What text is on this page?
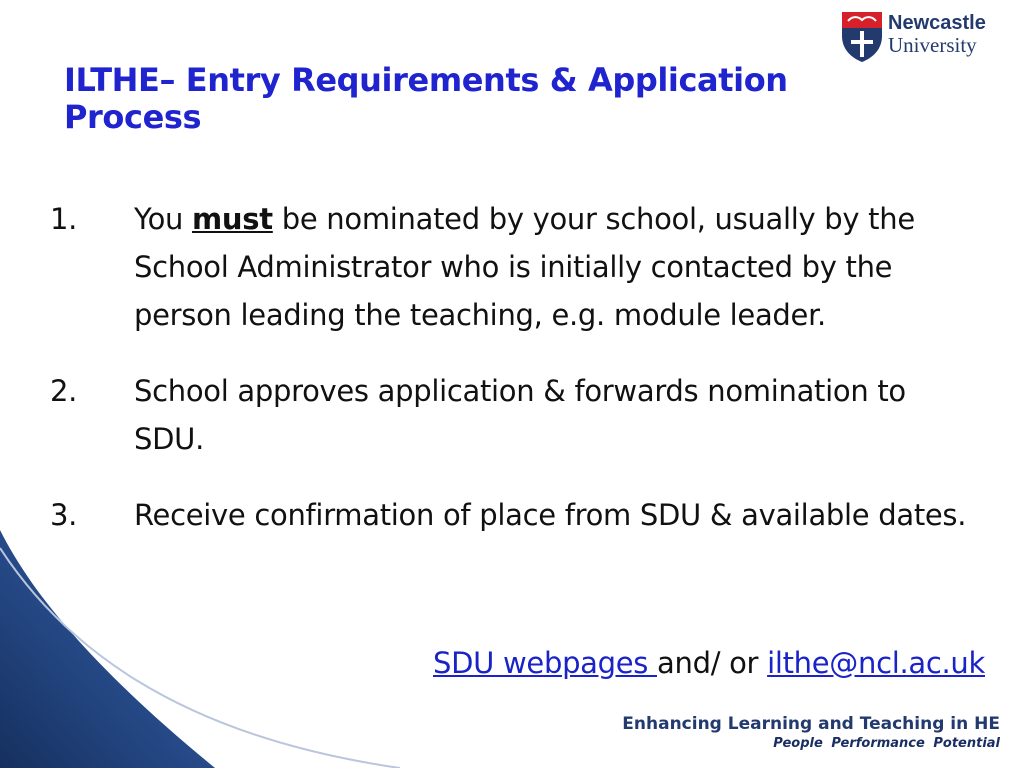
Newcastle
University
ILTHE– Entry Requirements & Application Process
1. You must be nominated by your school, usually by the School Administrator who is initially contacted by the person leading the teaching, e.g. module leader.
2. School approves application & forwards nomination to SDU.
3. Receive confirmation of place from SDU & available dates.
SDU webpages and/ or ilthe@ncl.ac.uk
Enhancing Learning and Teaching in HE
People Performance Potential
